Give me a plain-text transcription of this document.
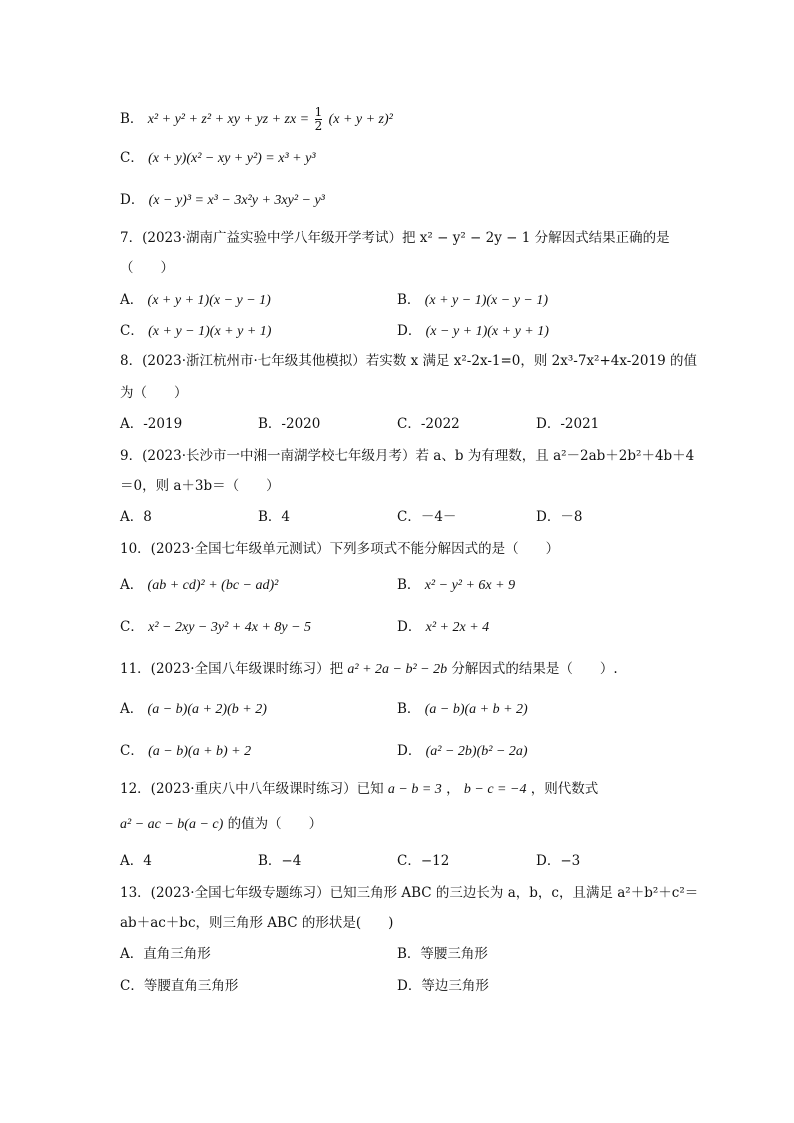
B． x² + y² + z² + xy + yz + zx = $\frac{1}{2} (x + y + z)^2$
C． (x + y)(x² − xy + y²) = x³ + y³
D． (x − y)³ = x³ − 3x²y + 3xy² − y³
7．(2023·湖南广益实验中学八年级开学考试）把 x² − y² − 2y − 1 分解因式结果正确的是
（　　）
A． (x + y + 1)(x − y − 1)	B． (x + y − 1)(x − y − 1)
C． (x + y − 1)(x + y + 1)	D． (x − y + 1)(x + y + 1)
8．(2023·浙江杭州市·七年级其他模拟）若实数 x 满足 x²-2x-1=0，则 2x³-7x²+4x-2019 的值
为（　　）
A．-2019	B．-2020	C．-2022	D．-2021
9．(2023·长沙市一中湘一南湖学校七年级月考）若 a、b 为有理数，且 a²－2ab＋2b²＋4b＋4
＝0，则 a＋3b＝（　　）
A．8	B．4	C．－4－	D．－8
10．(2023·全国七年级单元测试）下列多项式不能分解因式的是（　　）
A． (ab + cd)² + (bc − ad)²	B． x² − y² + 6x + 9
C． x² − 2xy − 3y² + 4x + 8y − 5	D． x² + 2x + 4
11．(2023·全国八年级课时练习）把 a² + 2a − b² − 2b 分解因式的结果是（　　）.
A． (a − b)(a + 2)(b + 2)	B． (a − b)(a + b + 2)
C． (a − b)(a + b) + 2	D． (a² − 2b)(b² − 2a)
12．(2023·重庆八中八年级课时练习）已知 a − b = 3 ， b − c = −4 ，则代数式
a² − ac − b(a − c) 的值为（　　）
A．4	B．−4	C．−12	D．−3
13．(2023·全国七年级专题练习）已知三角形 ABC 的三边长为 a，b，c，且满足 a²＋b²＋c²＝
ab＋ac＋bc，则三角形 ABC 的形状是(　　)
A．直角三角形	B．等腰三角形
C．等腰直角三角形	D．等边三角形
